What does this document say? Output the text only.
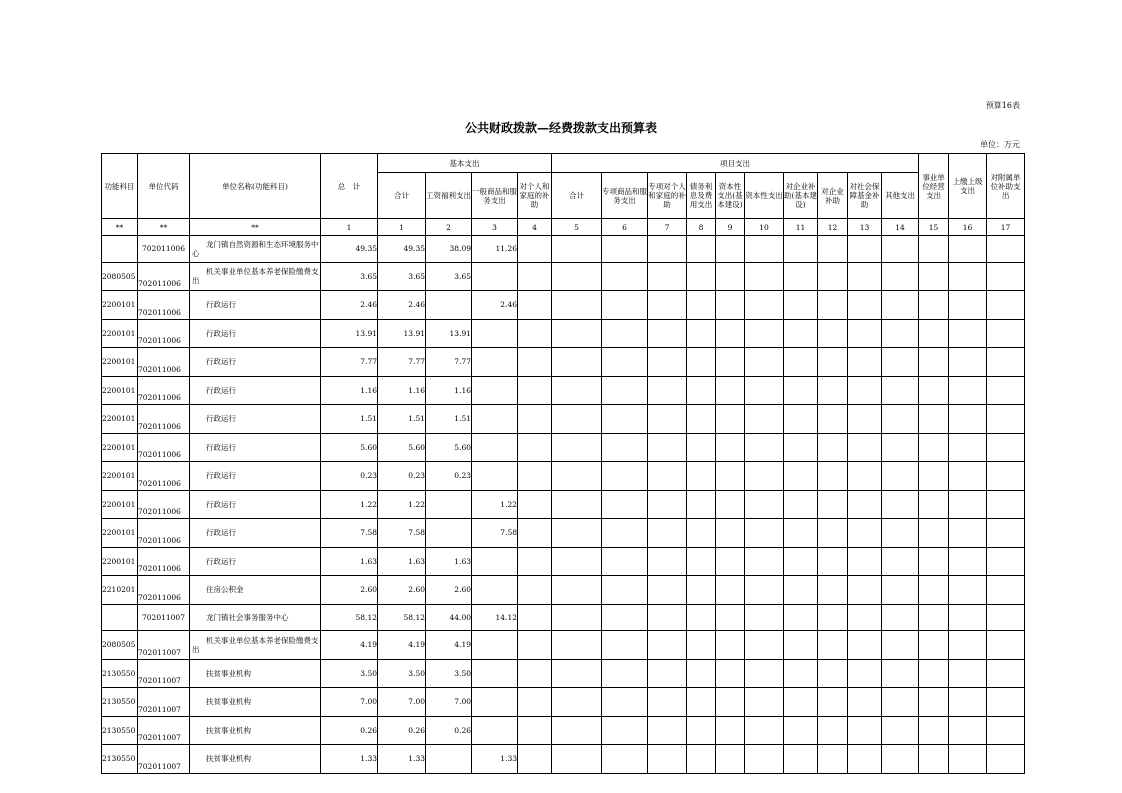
预算16表
公共财政拨款—经费拨款支出预算表
单位：万元
功能科目	单位代码	单位名称(功能科目)	总　计	基本支出				项目支出										事业单位经营支出	上缴上级支出	对附属单位补助支出
				合计	工资福利支出	一般商品和服务支出	对个人和家庭的补助	合计	专项商品和服务支出	专项对个人和家庭的补助	债务利息及费用支出	资本性支出(基本建设)	资本性支出	对企业补助(基本建设)	对企业补助	对社会保障基金补助	其他支出			
**	**	**	1	1	2	3	4	5	6	7	8	9	10	11	12	13	14	15	16	17
	702011006	龙门镇自然资源和生态环境服务中心	49.35	49.35	38.09	11.26														
2080505	702011006	机关事业单位基本养老保险缴费支出	3.65	3.65	3.65															
2200101	702011006	行政运行	2.46	2.46		2.46														
2200101	702011006	行政运行	13.91	13.91	13.91															
2200101	702011006	行政运行	7.77	7.77	7.77															
2200101	702011006	行政运行	1.16	1.16	1.16															
2200101	702011006	行政运行	1.51	1.51	1.51															
2200101	702011006	行政运行	5.60	5.60	5.60															
2200101	702011006	行政运行	0.23	0.23	0.23															
2200101	702011006	行政运行	1.22	1.22		1.22														
2200101	702011006	行政运行	7.58	7.58		7.58														
2200101	702011006	行政运行	1.63	1.63	1.63															
2210201	702011006	住房公积金	2.60	2.60	2.60															
	702011007	龙门镇社会事务服务中心	58.12	58.12	44.00	14.12														
2080505	702011007	机关事业单位基本养老保险缴费支出	4.19	4.19	4.19															
2130550	702011007	扶贫事业机构	3.50	3.50	3.50															
2130550	702011007	扶贫事业机构	7.00	7.00	7.00															
2130550	702011007	扶贫事业机构	0.26	0.26	0.26															
2130550	702011007	扶贫事业机构	1.33	1.33		1.33														
